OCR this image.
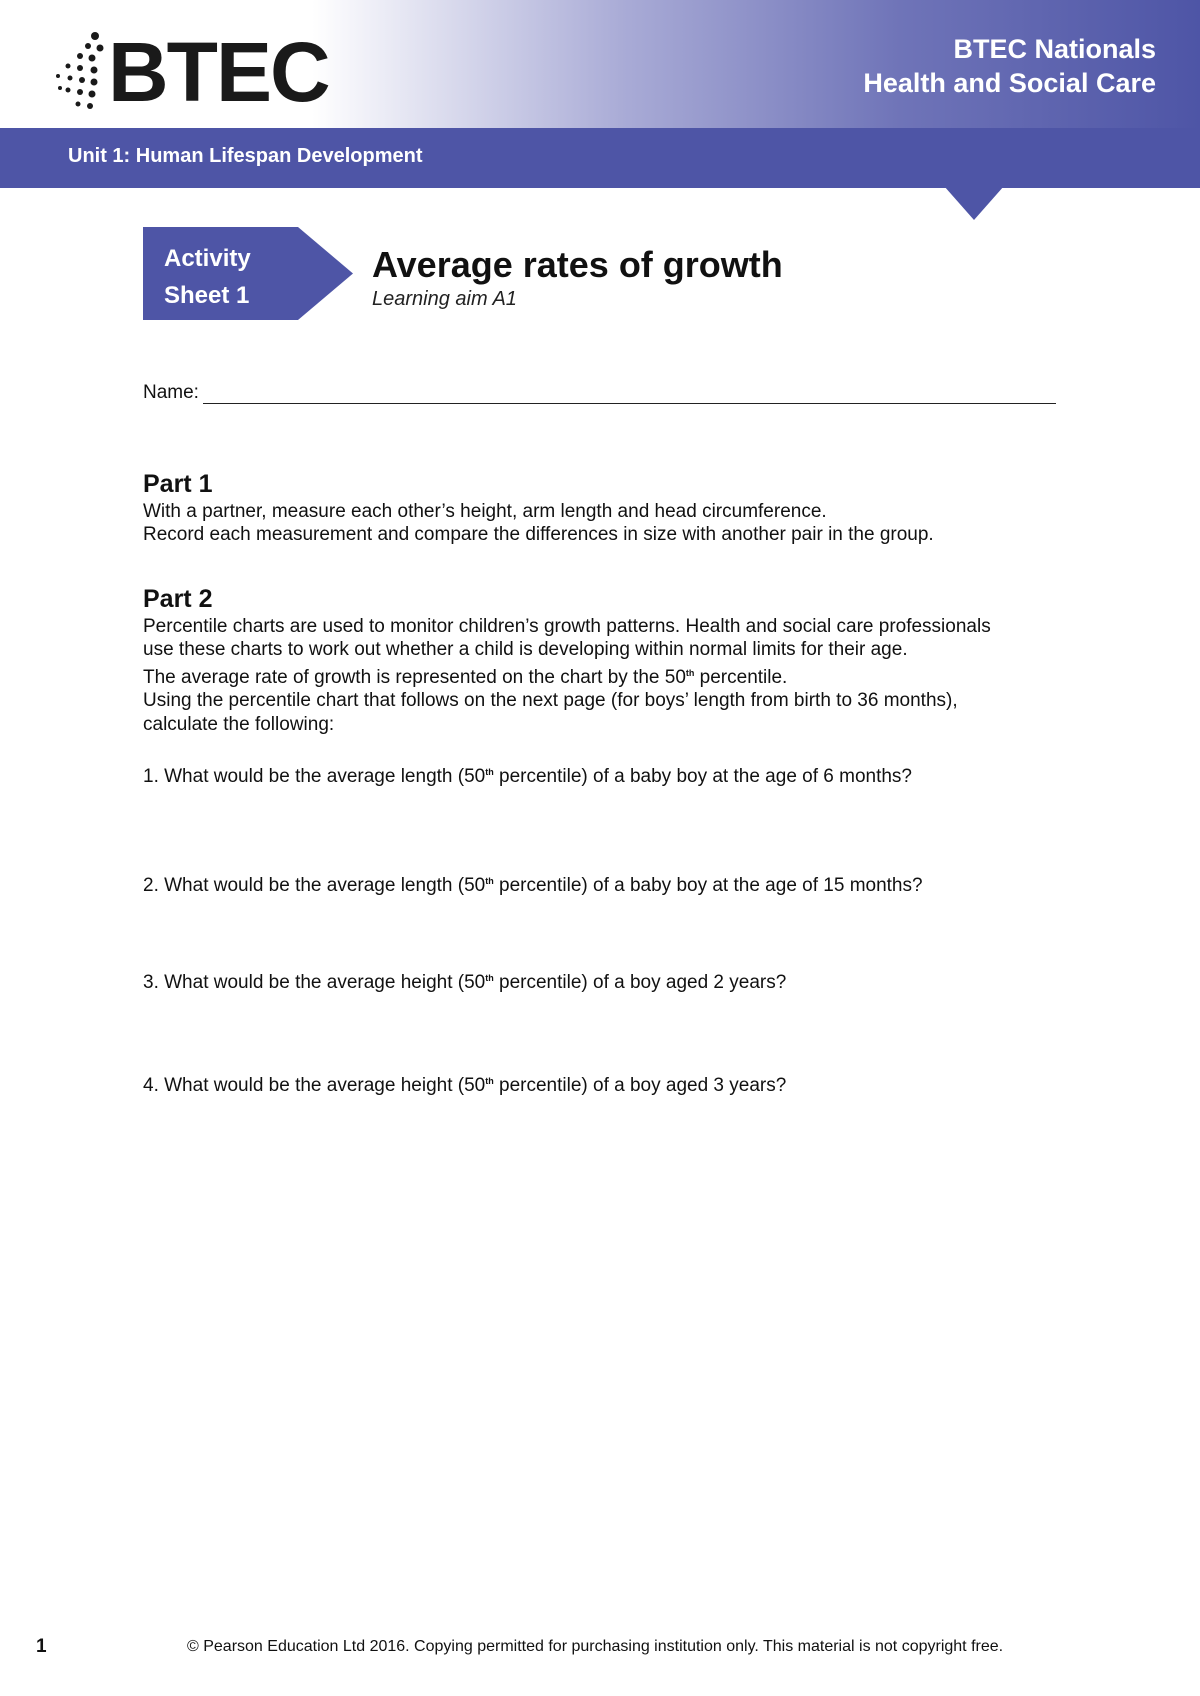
BTEC	BTEC Nationals
Health and Social Care
Unit 1: Human Lifespan Development
Activity
Sheet 1
Average rates of growth
Learning aim A1
Name:
Part 1
With a partner, measure each other’s height, arm length and head circumference.
Record each measurement and compare the differences in size with another pair in the group.
Part 2
Percentile charts are used to monitor children’s growth patterns. Health and social care professionals
use these charts to work out whether a child is developing within normal limits for their age.
The average rate of growth is represented on the chart by the 50th percentile.
Using the percentile chart that follows on the next page (for boys’ length from birth to 36 months),
calculate the following:
1. What would be the average length (50th percentile) of a baby boy at the age of 6 months?
2. What would be the average length (50th percentile) of a baby boy at the age of 15 months?
3. What would be the average height (50th percentile) of a boy aged 2 years?
4. What would be the average height (50th percentile) of a boy aged 3 years?
1	© Pearson Education Ltd 2016. Copying permitted for purchasing institution only. This material is not copyright free.
